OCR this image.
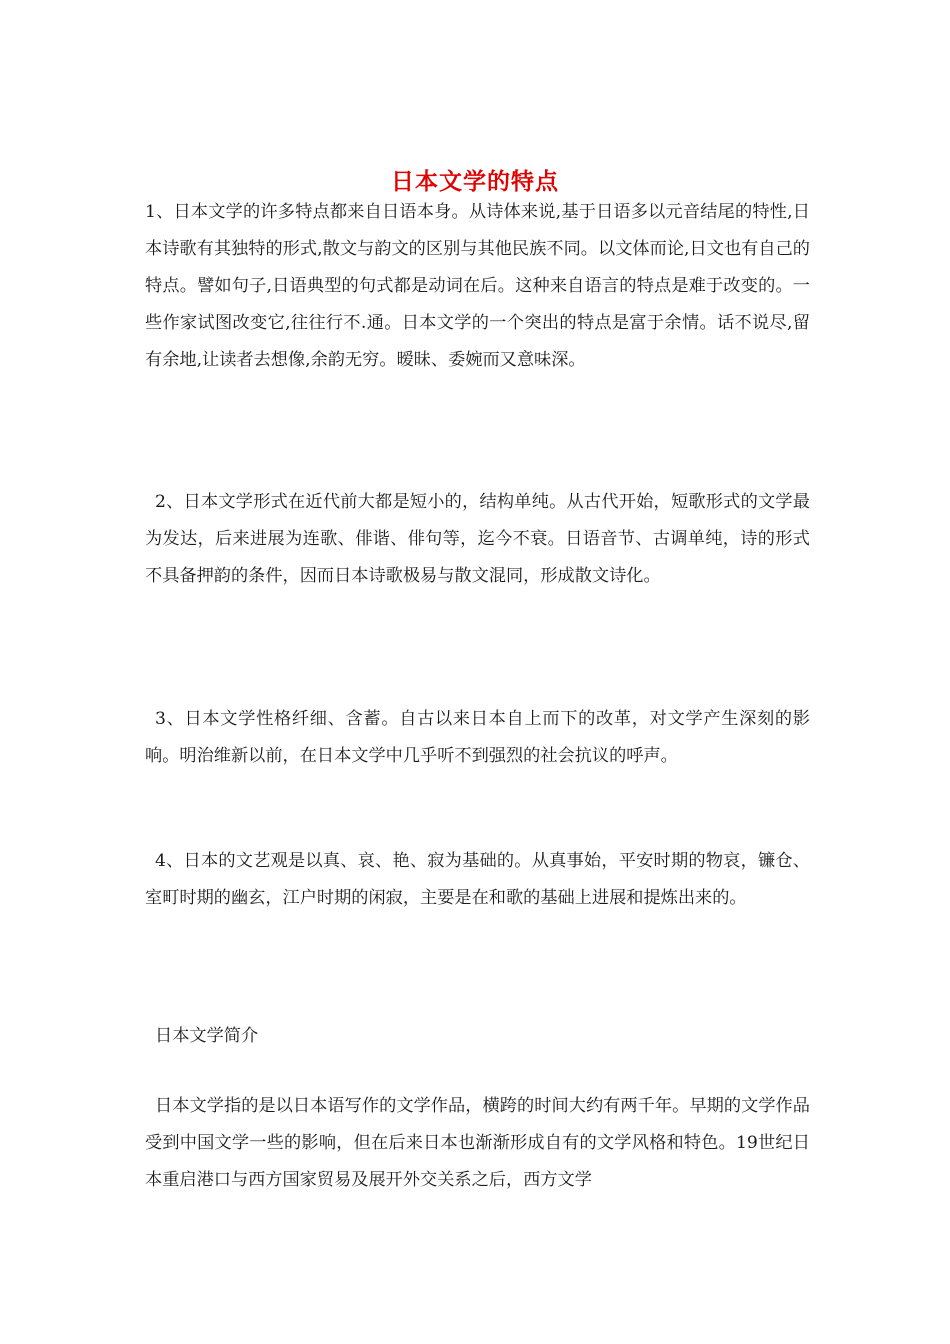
日本文学的特点

1、日本文学的许多特点都来自日语本身。从诗体来说,基于日语多以元音结尾的特性,日本诗歌有其独特的形式,散文与韵文的区别与其他民族不同。以文体而论,日文也有自己的特点。譬如句子,日语典型的句式都是动词在后。这种来自语言的特点是难于改变的。一些作家试图改变它,往往行不.通。日本文学的一个突出的特点是富于余情。话不说尽,留有余地,让读者去想像,余韵无穷。暧昧、委婉而又意味深。

2、日本文学形式在近代前大都是短小的，结构单纯。从古代开始，短歌形式的文学最为发达，后来进展为连歌、俳谐、俳句等，迄今不衰。日语音节、古调单纯，诗的形式不具备押韵的条件，因而日本诗歌极易与散文混同，形成散文诗化。

3、日本文学性格纤细、含蓄。自古以来日本自上而下的改革，对文学产生深刻的影响。明治维新以前，在日本文学中几乎听不到强烈的社会抗议的呼声。

4、日本的文艺观是以真、哀、艳、寂为基础的。从真事始，平安时期的物哀，镰仓、室町时期的幽玄，江户时期的闲寂，主要是在和歌的基础上进展和提炼出来的。

日本文学简介

日本文学指的是以日本语写作的文学作品，横跨的时间大约有两千年。早期的文学作品受到中国文学一些的影响，但在后来日本也渐渐形成自有的文学风格和特色。19世纪日本重启港口与西方国家贸易及展开外交关系之后，西方文学
